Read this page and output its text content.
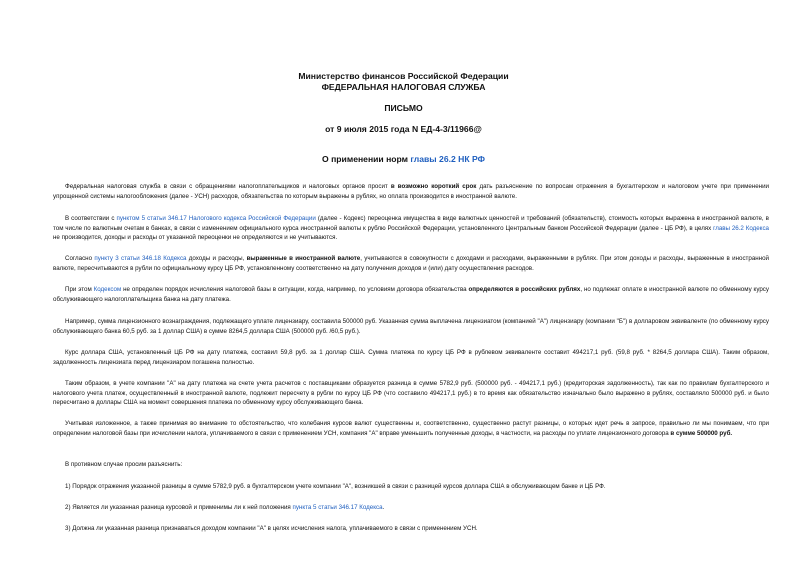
Министерство финансов Российской Федерации
ФЕДЕРАЛЬНАЯ НАЛОГОВАЯ СЛУЖБА
ПИСЬМО
от 9 июля 2015 года N ЕД-4-3/11966@
О применении норм главы 26.2 НК РФ
Федеральная налоговая служба в связи с обращениями налогоплательщиков и налоговых органов просит в возможно короткий срок дать разъяснение по вопросам отражения в бухгалтерском и налоговом учете при применении упрощенной системы налогообложения (далее - УСН) расходов, обязательства по которым выражены в рублях, но оплата производится в иностранной валюте.
В соответствии с пунктом 5 статьи 346.17 Налогового кодекса Российской Федерации (далее - Кодекс) переоценка имущества в виде валютных ценностей и требований (обязательств), стоимость которых выражена в иностранной валюте, в том числе по валютным счетам в банках, в связи с изменением официального курса иностранной валюты к рублю Российской Федерации, установленного Центральным банком Российской Федерации (далее - ЦБ РФ), в целях главы 26.2 Кодекса не производится, доходы и расходы от указанной переоценки не определяются и не учитываются.
Согласно пункту 3 статьи 346.18 Кодекса доходы и расходы, выраженные в иностранной валюте, учитываются в совокупности с доходами и расходами, выраженными в рублях. При этом доходы и расходы, выраженные в иностранной валюте, пересчитываются в рубли по официальному курсу ЦБ РФ, установленному соответственно на дату получения доходов и (или) дату осуществления расходов.
При этом Кодексом не определен порядок исчисления налоговой базы в ситуации, когда, например, по условиям договора обязательства определяются в российских рублях, но подлежат оплате в иностранной валюте по обменному курсу обслуживающего налогоплательщика банка на дату платежа.
Например, сумма лицензионного вознаграждения, подлежащего уплате лицензиару, составила 500000 руб. Указанная сумма выплачена лицензиатом (компанией "А") лицензиару (компании "Б") в долларовом эквиваленте (по обменному курсу обслуживающего банка 60,5 руб. за 1 доллар США) в сумме 8264,5 доллара США (500000 руб. /60,5 руб.).
Курс доллара США, установленный ЦБ РФ на дату платежа, составил 59,8 руб. за 1 доллар США. Сумма платежа по курсу ЦБ РФ в рублевом эквиваленте составит 494217,1 руб. (59,8 руб. * 8264,5 доллара США). Таким образом, задолженность лицензиата перед лицензиаром погашена полностью.
Таким образом, в учете компании "А" на дату платежа на счете учета расчетов с поставщиками образуется разница в сумме 5782,9 руб. (500000 руб. - 494217,1 руб.) (кредиторская задолженность), так как по правилам бухгалтерского и налогового учета платеж, осуществленный в иностранной валюте, подлежит пересчету в рубли по курсу ЦБ РФ (что составило 494217,1 руб.) в то время как обязательство изначально было выражено в рублях, составляло 500000 руб. и было пересчитано в доллары США на момент совершения платежа по обменному курсу обслуживающего банка.
Учитывая изложенное, а также принимая во внимание то обстоятельство, что колебания курсов валют существенны и, соответственно, существенно растут разницы, о которых идет речь в запросе, правильно ли мы понимаем, что при определении налоговой базы при исчислении налога, уплачиваемого в связи с применением УСН, компания "А" вправе уменьшить полученные доходы, в частности, на расходы по уплате лицензионного договора в сумме 500000 руб.
В противном случае просим разъяснить:
1) Порядок отражения указанной разницы в сумме 5782,9 руб. в бухгалтерском учете компании "А", возникшей в связи с разницей курсов доллара США в обслуживающем банке и ЦБ РФ.
2) Является ли указанная разница курсовой и применимы ли к ней положения пункта 5 статьи 346.17 Кодекса.
3) Должна ли указанная разница признаваться доходом компании "А" в целях исчисления налога, уплачиваемого в связи с применением УСН.
